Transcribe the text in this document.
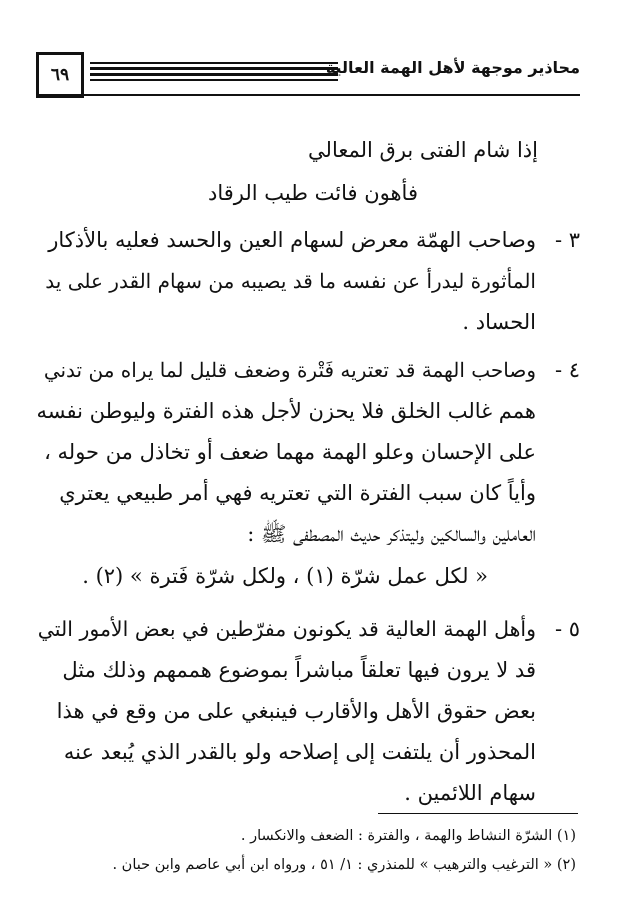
٦٩	محاذير موجهة لأهل الهمة العالية
إذا شام الفتى برق المعالي
فأهون فائت طيب الرقاد
٣ -
وصاحب الهمّة معرض لسهام العين والحسد فعليه بالأذكار
المأثورة ليدرأ عن نفسه ما قد يصيبه من سهام القدر على يد
الحساد .
٤ -
وصاحب الهمة قد تعتريه فَتْرة وضعف قليل لما يراه من تدني
همم غالب الخلق فلا يحزن لأجل هذه الفترة وليوطن نفسه
على الإحسان وعلو الهمة مهما ضعف أو تخاذل من حوله ،
وأياً كان سبب الفترة التي تعتريه فهي أمر طبيعي يعتري
العاملين والسالكين وليتذكر حديث المصطفى ﷺ :
« لكل عمل شرّة (١) ، ولكل شرّة فَترة » (٢) .
٥ -
وأهل الهمة العالية قد يكونون مفرّطين في بعض الأمور التي
قد لا يرون فيها تعلقاً مباشراً بموضوع هممهم وذلك مثل
بعض حقوق الأهل والأقارب فينبغي على من وقع في هذا
المحذور أن يلتفت إلى إصلاحه ولو بالقدر الذي يُبعد عنه
سهام اللائمين .
(١) الشرّة النشاط والهمة ، والفترة : الضعف والانكسار .
(٢) « الترغيب والترهيب » للمنذري : ١/ ٥١ ، ورواه ابن أبي عاصم وابن حبان .
